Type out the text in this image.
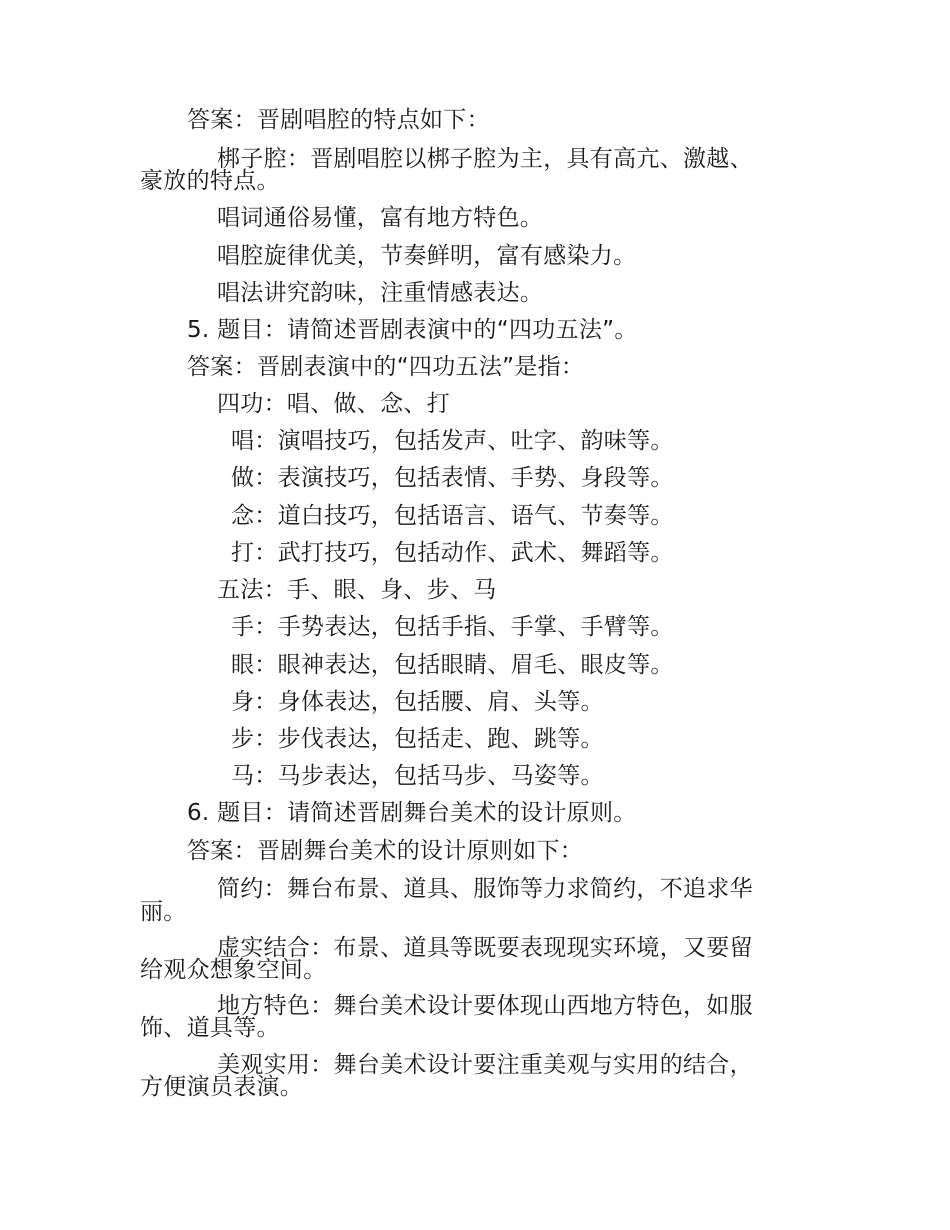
答案：晋剧唱腔的特点如下：
梆子腔：晋剧唱腔以梆子腔为主，具有高亢、激越、
豪放的特点。
唱词通俗易懂，富有地方特色。
唱腔旋律优美，节奏鲜明，富有感染力。
唱法讲究韵味，注重情感表达。
5. 题目：请简述晋剧表演中的“四功五法”。
答案：晋剧表演中的“四功五法”是指：
四功：唱、做、念、打
唱：演唱技巧，包括发声、吐字、韵味等。
做：表演技巧，包括表情、手势、身段等。
念：道白技巧，包括语言、语气、节奏等。
打：武打技巧，包括动作、武术、舞蹈等。
五法：手、眼、身、步、马
手：手势表达，包括手指、手掌、手臂等。
眼：眼神表达，包括眼睛、眉毛、眼皮等。
身：身体表达，包括腰、肩、头等。
步：步伐表达，包括走、跑、跳等。
马：马步表达，包括马步、马姿等。
6. 题目：请简述晋剧舞台美术的设计原则。
答案：晋剧舞台美术的设计原则如下：
简约：舞台布景、道具、服饰等力求简约，不追求华
丽。
虚实结合：布景、道具等既要表现现实环境，又要留
给观众想象空间。
地方特色：舞台美术设计要体现山西地方特色，如服
饰、道具等。
美观实用：舞台美术设计要注重美观与实用的结合，
方便演员表演。
